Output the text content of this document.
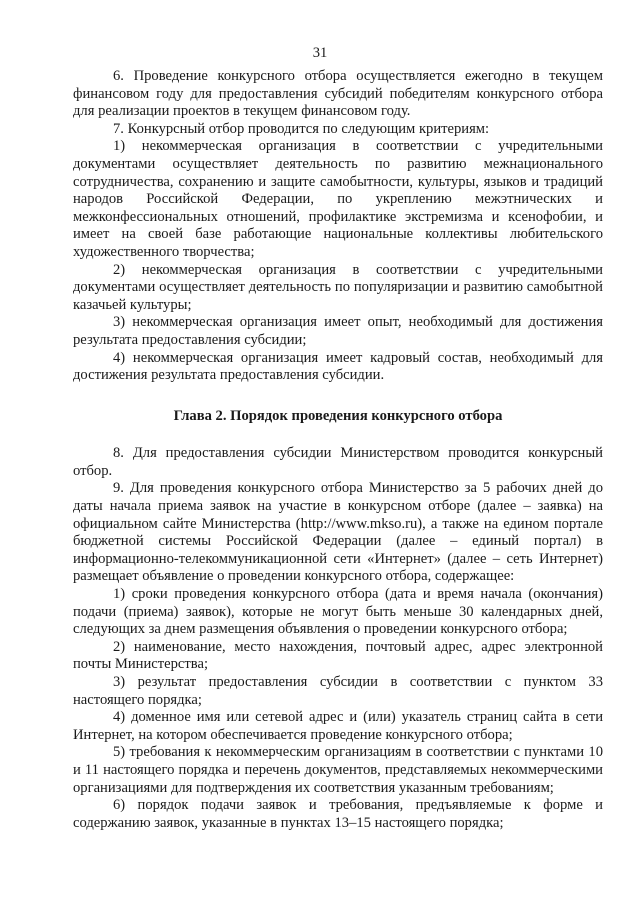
31

6. Проведение конкурсного отбора осуществляется ежегодно в текущем финансовом году для предоставления субсидий победителям конкурсного отбора для реализации проектов в текущем финансовом году.

7. Конкурсный отбор проводится по следующим критериям:

1) некоммерческая организация в соответствии с учредительными документами осуществляет деятельность по развитию межнационального сотрудничества, сохранению и защите самобытности, культуры, языков и традиций народов Российской Федерации, по укреплению межэтнических и межконфессиональных отношений, профилактике экстремизма и ксенофобии, и имеет на своей базе работающие национальные коллективы любительского художественного творчества;

2) некоммерческая организация в соответствии с учредительными документами осуществляет деятельность по популяризации и развитию самобытной казачьей культуры;

3) некоммерческая организация имеет опыт, необходимый для достижения результата предоставления субсидии;

4) некоммерческая организация имеет кадровый состав, необходимый для достижения результата предоставления субсидии.

Глава 2. Порядок проведения конкурсного отбора

8. Для предоставления субсидии Министерством проводится конкурсный отбор.

9. Для проведения конкурсного отбора Министерство за 5 рабочих дней до даты начала приема заявок на участие в конкурсном отборе (далее – заявка) на официальном сайте Министерства (http://www.mkso.ru), а также на едином портале бюджетной системы Российской Федерации (далее – единый портал) в информационно-телекоммуникационной сети «Интернет» (далее – сеть Интернет) размещает объявление о проведении конкурсного отбора, содержащее:

1) сроки проведения конкурсного отбора (дата и время начала (окончания) подачи (приема) заявок), которые не могут быть меньше 30 календарных дней, следующих за днем размещения объявления о проведении конкурсного отбора;

2) наименование, место нахождения, почтовый адрес, адрес электронной почты Министерства;

3) результат предоставления субсидии в соответствии с пунктом 33 настоящего порядка;

4) доменное имя или сетевой адрес и (или) указатель страниц сайта в сети Интернет, на котором обеспечивается проведение конкурсного отбора;

5) требования к некоммерческим организациям в соответствии с пунктами 10 и 11 настоящего порядка и перечень документов, представляемых некоммерческими организациями для подтверждения их соответствия указанным требованиям;

6) порядок подачи заявок и требования, предъявляемые к форме и содержанию заявок, указанные в пунктах 13–15 настоящего порядка;
